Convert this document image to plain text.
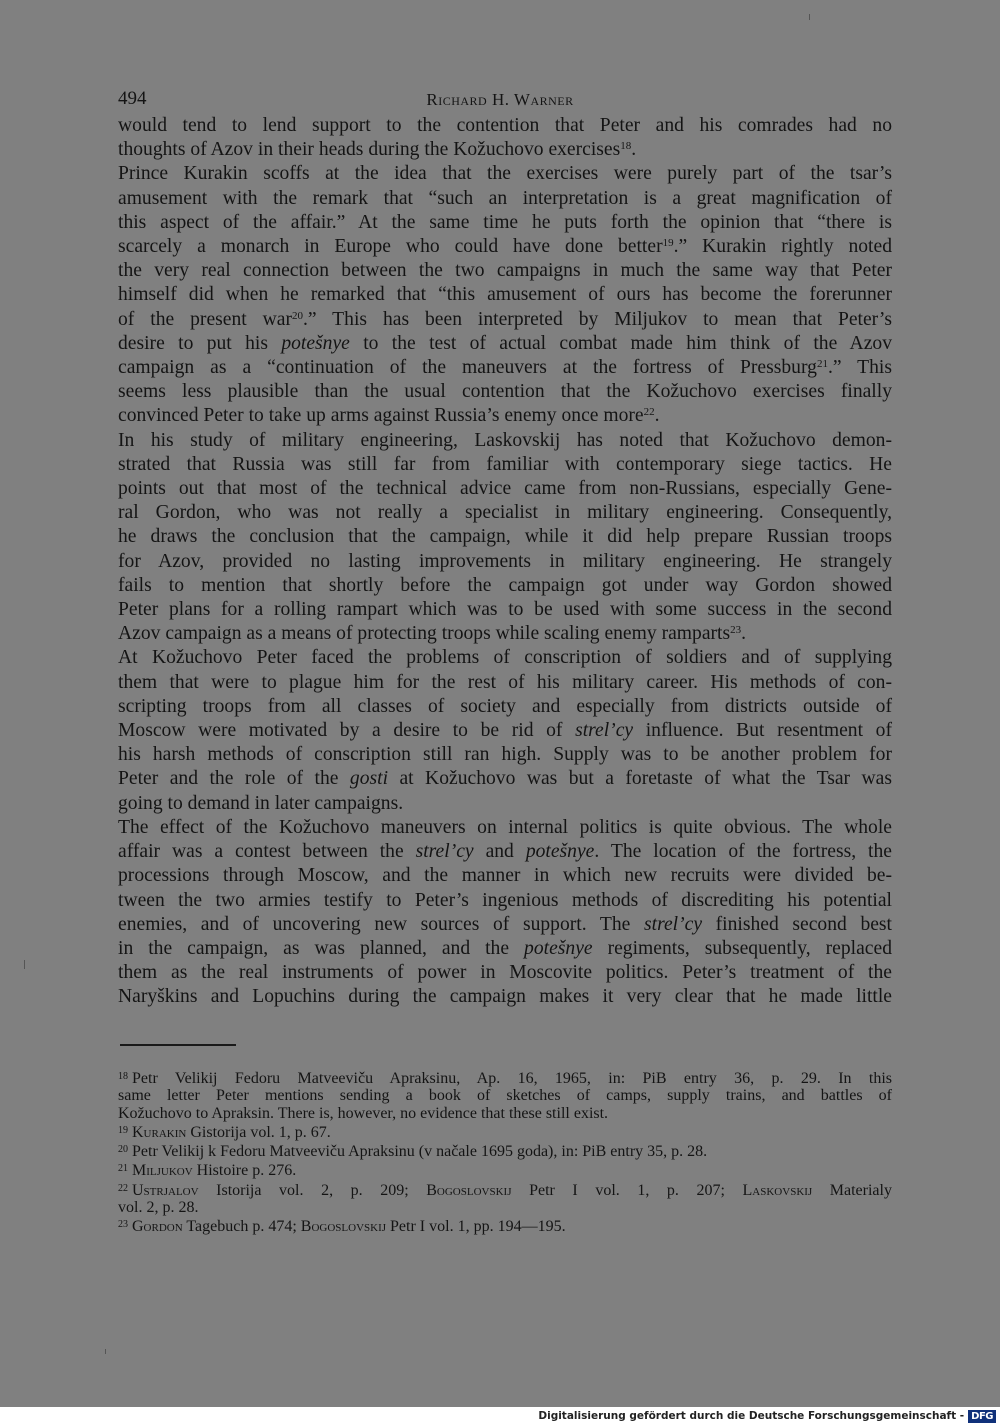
494	Richard H. Warner
would tend to lend support to the contention that Peter and his comrades had no
thoughts of Azov in their heads during the Kožuchovo exercises$^{18}$.
Prince Kurakin scoffs at the idea that the exercises were purely part of the tsar’s
amusement with the remark that “such an interpretation is a great magnification of
this aspect of the affair.” At the same time he puts forth the opinion that “there is
scarcely a monarch in Europe who could have done better$^{19}$.” Kurakin rightly noted
the very real connection between the two campaigns in much the same way that Peter
himself did when he remarked that “this amusement of ours has become the forerunner
of the present war$^{20}$.” This has been interpreted by Miljukov to mean that Peter’s
desire to put his potešnye to the test of actual combat made him think of the Azov
campaign as a “continuation of the maneuvers at the fortress of Pressburg$^{21}$.” This
seems less plausible than the usual contention that the Kožuchovo exercises finally
convinced Peter to take up arms against Russia’s enemy once more$^{22}$.
In his study of military engineering, Laskovskij has noted that Kožuchovo demon-
strated that Russia was still far from familiar with contemporary siege tactics. He
points out that most of the technical advice came from non-Russians, especially Gene-
ral Gordon, who was not really a specialist in military engineering. Consequently,
he draws the conclusion that the campaign, while it did help prepare Russian troops
for Azov, provided no lasting improvements in military engineering. He strangely
fails to mention that shortly before the campaign got under way Gordon showed
Peter plans for a rolling rampart which was to be used with some success in the second
Azov campaign as a means of protecting troops while scaling enemy ramparts$^{23}$.
At Kožuchovo Peter faced the problems of conscription of soldiers and of supplying
them that were to plague him for the rest of his military career. His methods of con-
scripting troops from all classes of society and especially from districts outside of
Moscow were motivated by a desire to be rid of strel’cy influence. But resentment of
his harsh methods of conscription still ran high. Supply was to be another problem for
Peter and the role of the gosti at Kožuchovo was but a foretaste of what the Tsar was
going to demand in later campaigns.
The effect of the Kožuchovo maneuvers on internal politics is quite obvious. The whole
affair was a contest between the strel’cy and potešnye. The location of the fortress, the
processions through Moscow, and the manner in which new recruits were divided be-
tween the two armies testify to Peter’s ingenious methods of discrediting his potential
enemies, and of uncovering new sources of support. The strel’cy finished second best
in the campaign, as was planned, and the potešnye regiments, subsequently, replaced
them as the real instruments of power in Moscovite politics. Peter’s treatment of the
Naryškins and Lopuchins during the campaign makes it very clear that he made little
$^{18}$ Petr Velikij Fedoru Matveeviču Apraksinu, Ap. 16, 1965, in: PiB entry 36, p. 29. In this
same letter Peter mentions sending a book of sketches of camps, supply trains, and battles of
Kožuchovo to Apraksin. There is, however, no evidence that these still exist.
$^{19}$ Kurakin Gistorija vol. 1, p. 67.
$^{20}$ Petr Velikij k Fedoru Matveeviču Apraksinu (v načale 1695 goda), in: PiB entry 35, p. 28.
$^{21}$ Miljukov Histoire p. 276.
$^{22}$ Ustrjalov Istorija vol. 2, p. 209; Bogoslovskij Petr I vol. 1, p. 207; Laskovskij Materialy
vol. 2, p. 28.
$^{23}$ Gordon Tagebuch p. 474; Bogoslovskij Petr I vol. 1, pp. 194—195.
Digitalisierung gefördert durch die Deutsche Forschungsgemeinschaft - DFG
